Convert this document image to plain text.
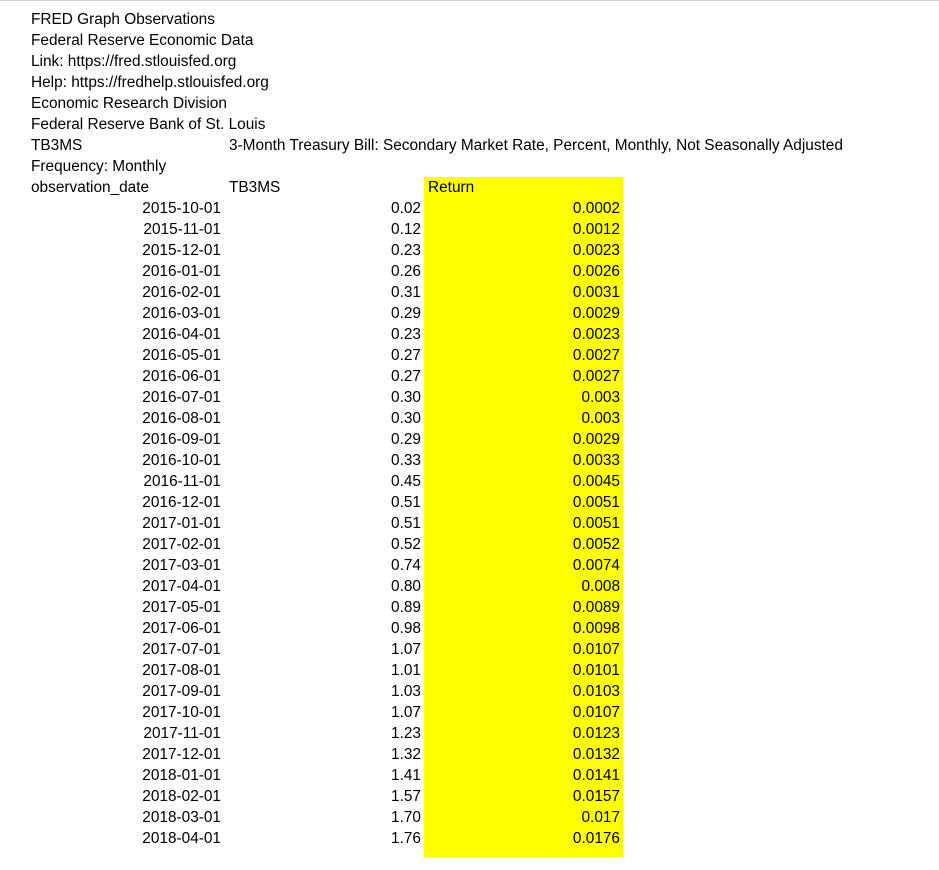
FRED Graph Observations
Federal Reserve Economic Data
Link: https://fred.stlouisfed.org
Help: https://fredhelp.stlouisfed.org
Economic Research Division
Federal Reserve Bank of St. Louis
TB3MS	3-Month Treasury Bill: Secondary Market Rate, Percent, Monthly, Not Seasonally Adjusted
Frequency: Monthly
observation_date	TB3MS	Return
2015-10-01	0.02	0.0002
2015-11-01	0.12	0.0012
2015-12-01	0.23	0.0023
2016-01-01	0.26	0.0026
2016-02-01	0.31	0.0031
2016-03-01	0.29	0.0029
2016-04-01	0.23	0.0023
2016-05-01	0.27	0.0027
2016-06-01	0.27	0.0027
2016-07-01	0.30	0.003
2016-08-01	0.30	0.003
2016-09-01	0.29	0.0029
2016-10-01	0.33	0.0033
2016-11-01	0.45	0.0045
2016-12-01	0.51	0.0051
2017-01-01	0.51	0.0051
2017-02-01	0.52	0.0052
2017-03-01	0.74	0.0074
2017-04-01	0.80	0.008
2017-05-01	0.89	0.0089
2017-06-01	0.98	0.0098
2017-07-01	1.07	0.0107
2017-08-01	1.01	0.0101
2017-09-01	1.03	0.0103
2017-10-01	1.07	0.0107
2017-11-01	1.23	0.0123
2017-12-01	1.32	0.0132
2018-01-01	1.41	0.0141
2018-02-01	1.57	0.0157
2018-03-01	1.70	0.017
2018-04-01	1.76	0.0176
